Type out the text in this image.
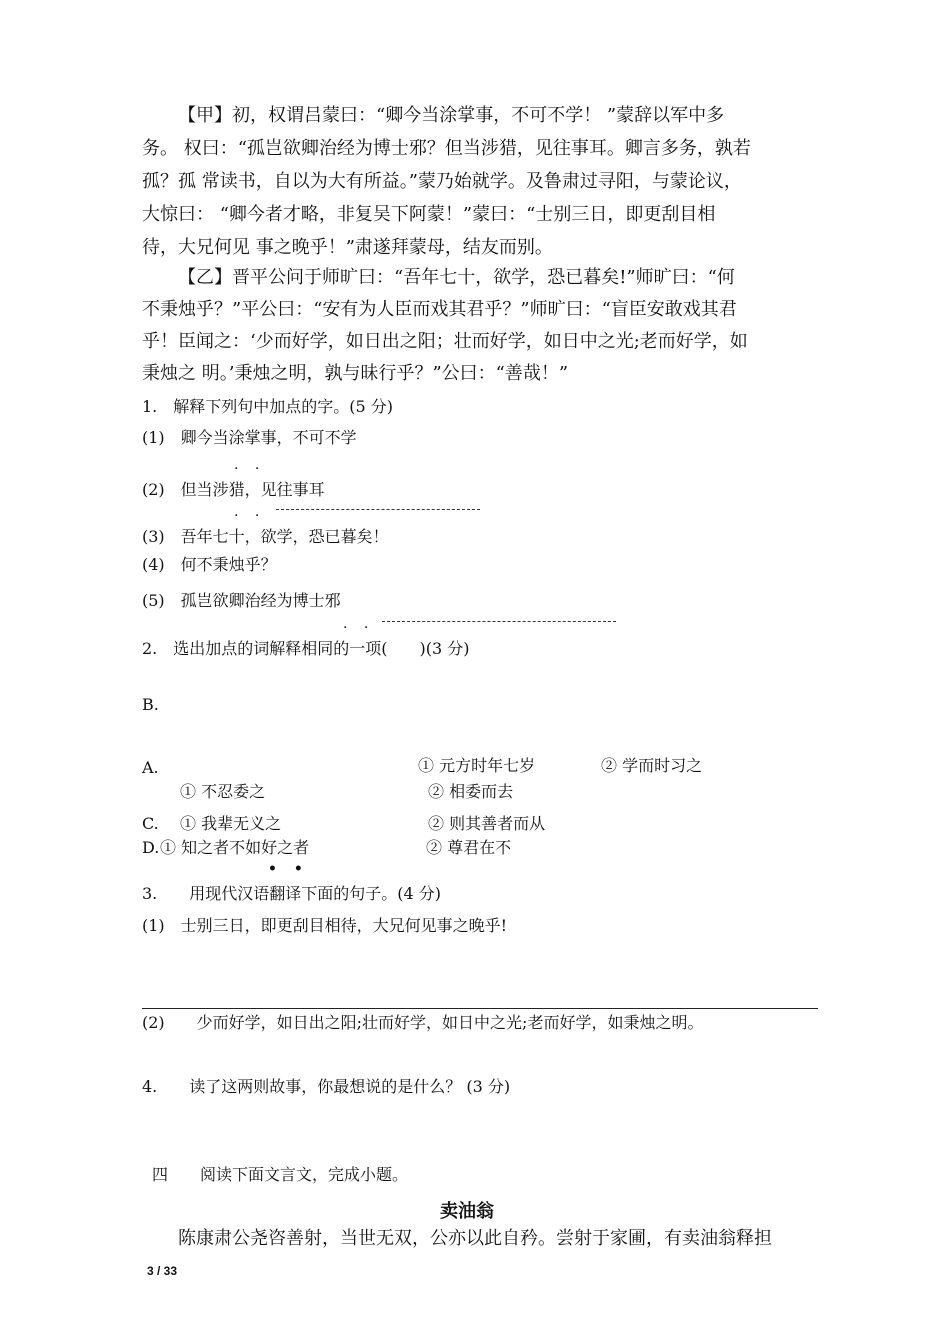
【甲】初，权谓吕蒙曰：“卿今当涂掌事，不可不学！ ”蒙辞以军中多
务。 权曰：“孤岂欲卿治经为博士邪？但当涉猎，见往事耳。卿言多务，孰若
孤？孤 常读书，自以为大有所益。”蒙乃始就学。及鲁肃过寻阳，与蒙论议，
大惊曰： “卿今者才略，非复吴下阿蒙！”蒙曰：“士别三日，即更刮目相
待，大兄何见 事之晚乎！”肃遂拜蒙母，结友而别。
【乙】晋平公问于师旷曰：“吾年七十，欲学，恐已暮矣!”师旷曰：“何
不秉烛乎？”平公曰：“安有为人臣而戏其君乎？”师旷曰：“盲臣安敢戏其君
乎！臣闻之：‘少而好学，如日出之阳；壮而好学，如日中之光;老而好学，如
秉烛之 明。’秉烛之明，孰与昧行乎？”公曰：“善哉！”
1.　解释下列句中加点的字。(5 分)
(1)　卿今当涂掌事，不可不学
. .
(2)　但当涉猎，见往事耳
. .
(3)　吾年七十，欲学，恐已暮矣！
(4)　何不秉烛乎？
(5)　孤岂欲卿治经为博士邪
. .
2.　选出加点的词解释相同的一项(　　)(3 分)
B.
A.	① 元方时年七岁	② 学而时习之
① 不忍委之	② 相委而去
C. ① 我辈无义之	② 则其善者而从
D. ① 知之者不如好之者	② 尊君在不
• •
3.　　用现代汉语翻译下面的句子。(4 分)
(1)　士别三日，即更刮目相待，大兄何见事之晚乎!
(2)　　少而好学，如日出之阳;壮而好学，如日中之光;老而好学，如秉烛之明。
4.　　读了这两则故事，你最想说的是什么？ (3 分)
四　　阅读下面文言文，完成小题。
卖油翁
陈康肃公尧咨善射，当世无双，公亦以此自矜。尝射于家圃，有卖油翁释担
3 / 33
